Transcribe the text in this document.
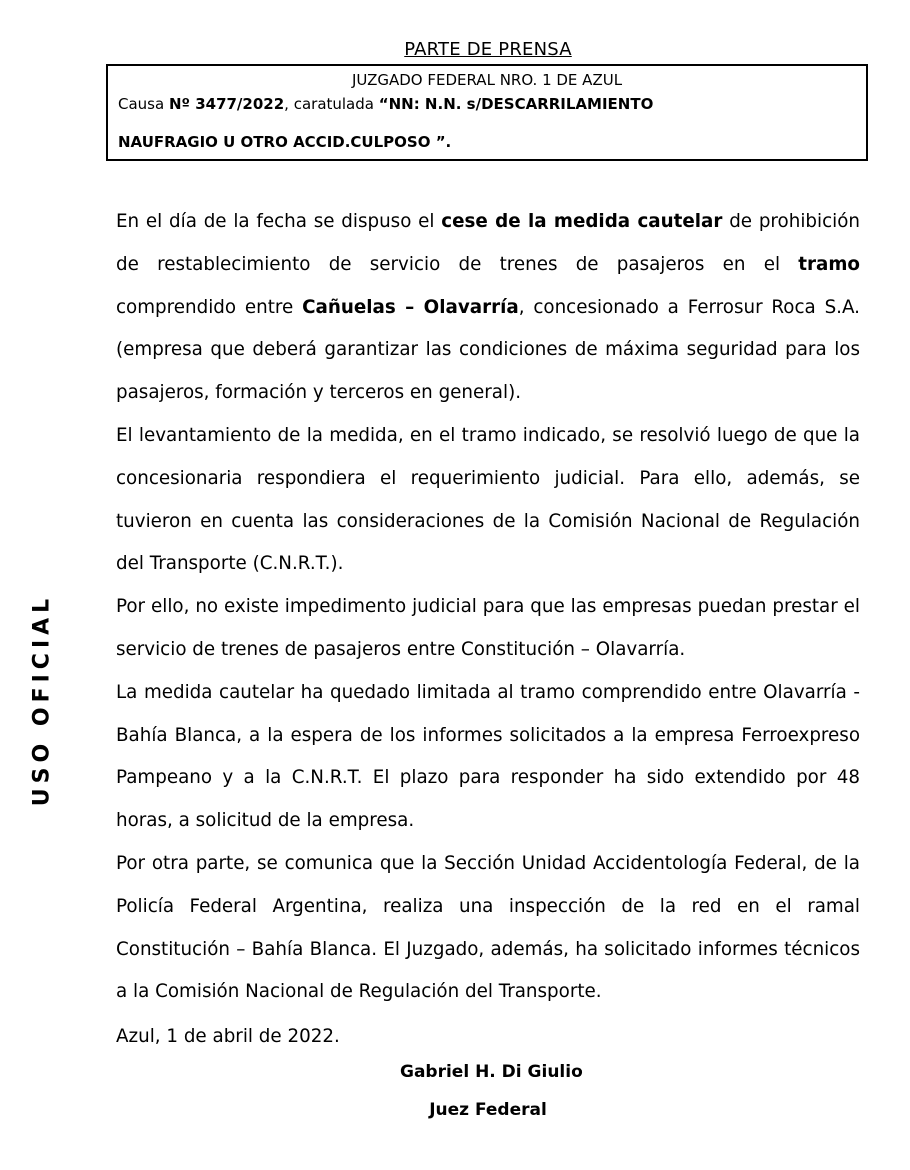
PARTE DE PRENSA
JUZGADO FEDERAL NRO. 1 DE AZUL
Causa Nº 3477/2022, caratulada “NN: N.N. s/DESCARRILAMIENTO
NAUFRAGIO U OTRO ACCID.CULPOSO ”.

En el día de la fecha se dispuso el cese de la medida cautelar de prohibición de restablecimiento de servicio de trenes de pasajeros en el tramo comprendido entre Cañuelas – Olavarría, concesionado a Ferrosur Roca S.A. (empresa que deberá garantizar las condiciones de máxima seguridad para los pasajeros, formación y terceros en general).

El levantamiento de la medida, en el tramo indicado, se resolvió luego de que la concesionaria respondiera el requerimiento judicial. Para ello, además, se tuvieron en cuenta las consideraciones de la Comisión Nacional de Regulación del Transporte (C.N.R.T.).

Por ello, no existe impedimento judicial para que las empresas puedan prestar el servicio de trenes de pasajeros entre Constitución – Olavarría.

La medida cautelar ha quedado limitada al tramo comprendido entre Olavarría - Bahía Blanca, a la espera de los informes solicitados a la empresa Ferroexpreso Pampeano y a la C.N.R.T. El plazo para responder ha sido extendido por 48 horas, a solicitud de la empresa.

Por otra parte, se comunica que la Sección Unidad Accidentología Federal, de la Policía Federal Argentina, realiza una inspección de la red en el ramal Constitución – Bahía Blanca. El Juzgado, además, ha solicitado informes técnicos a la Comisión Nacional de Regulación del Transporte.

Azul, 1 de abril de 2022.
Gabriel H. Di Giulio
Juez Federal
USO OFICIAL
